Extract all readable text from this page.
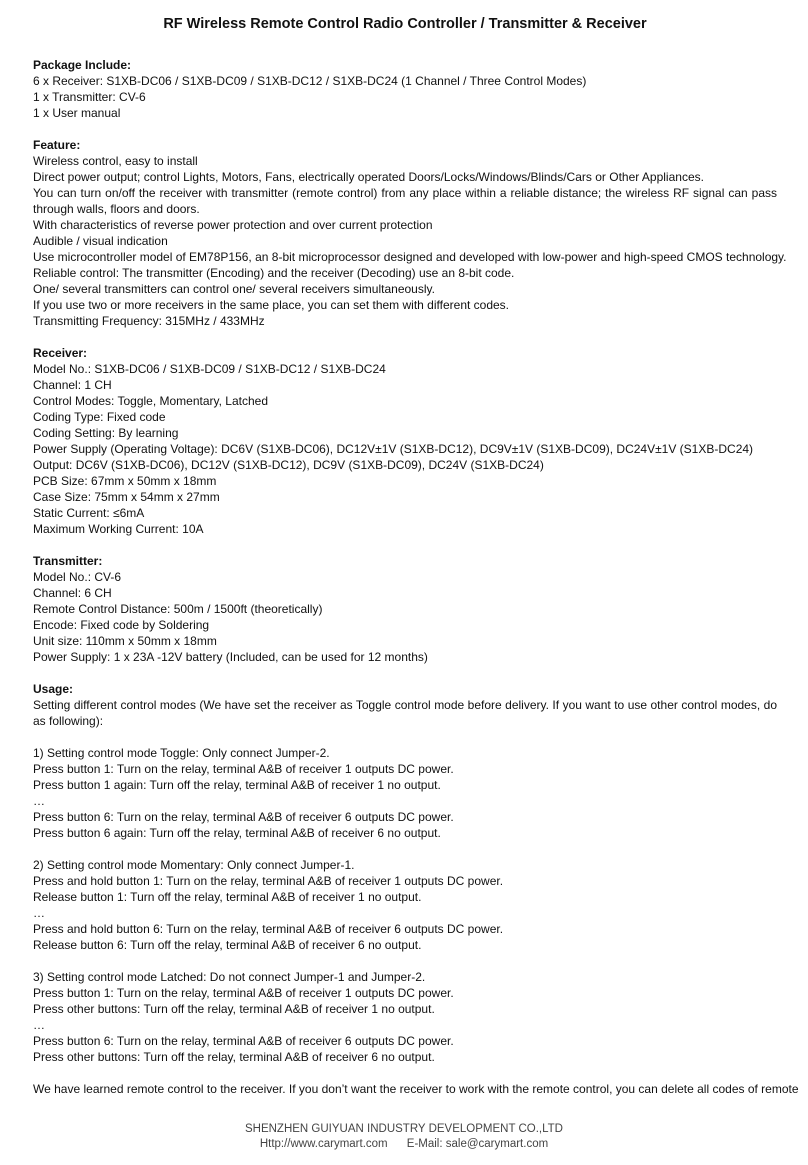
RF Wireless Remote Control Radio Controller / Transmitter & Receiver
Package Include:
6 x Receiver: S1XB-DC06 / S1XB-DC09 / S1XB-DC12 / S1XB-DC24 (1 Channel / Three Control Modes)
1 x Transmitter: CV-6
1 x User manual
Feature:
Wireless control, easy to install
Direct power output; control Lights, Motors, Fans, electrically operated Doors/Locks/Windows/Blinds/Cars or Other Appliances.
You can turn on/off the receiver with transmitter (remote control) from any place within a reliable distance; the wireless RF signal can pass through walls, floors and doors.
With characteristics of reverse power protection and over current protection
Audible / visual indication
Use microcontroller model of EM78P156, an 8-bit microprocessor designed and developed with low-power and high-speed CMOS technology.
Reliable control: The transmitter (Encoding) and the receiver (Decoding) use an 8-bit code.
One/ several transmitters can control one/ several receivers simultaneously.
If you use two or more receivers in the same place, you can set them with different codes.
Transmitting Frequency: 315MHz / 433MHz
Receiver:
Model No.: S1XB-DC06 / S1XB-DC09 / S1XB-DC12 / S1XB-DC24
Channel: 1 CH
Control Modes: Toggle, Momentary, Latched
Coding Type: Fixed code
Coding Setting: By learning
Power Supply (Operating Voltage): DC6V (S1XB-DC06), DC12V±1V (S1XB-DC12), DC9V±1V (S1XB-DC09), DC24V±1V (S1XB-DC24)
Output: DC6V (S1XB-DC06), DC12V (S1XB-DC12), DC9V (S1XB-DC09), DC24V (S1XB-DC24)
PCB Size: 67mm x 50mm x 18mm
Case Size: 75mm x 54mm x 27mm
Static Current: ≤6mA
Maximum Working Current: 10A
Transmitter:
Model No.: CV-6
Channel: 6 CH
Remote Control Distance: 500m / 1500ft (theoretically)
Encode: Fixed code by Soldering
Unit size: 110mm x 50mm x 18mm
Power Supply: 1 x 23A -12V battery (Included, can be used for 12 months)
Usage:
Setting different control modes (We have set the receiver as Toggle control mode before delivery. If you want to use other control modes, do as following):
1) Setting control mode Toggle: Only connect Jumper-2.
Press button 1: Turn on the relay, terminal A&B of receiver 1 outputs DC power.
Press button 1 again: Turn off the relay, terminal A&B of receiver 1 no output.
…
Press button 6: Turn on the relay, terminal A&B of receiver 6 outputs DC power.
Press button 6 again: Turn off the relay, terminal A&B of receiver 6 no output.
2) Setting control mode Momentary: Only connect Jumper-1.
Press and hold button 1: Turn on the relay, terminal A&B of receiver 1 outputs DC power.
Release button 1: Turn off the relay, terminal A&B of receiver 1 no output.
…
Press and hold button 6: Turn on the relay, terminal A&B of receiver 6 outputs DC power.
Release button 6: Turn off the relay, terminal A&B of receiver 6 no output.
3) Setting control mode Latched: Do not connect Jumper-1 and Jumper-2.
Press button 1: Turn on the relay, terminal A&B of receiver 1 outputs DC power.
Press other buttons: Turn off the relay, terminal A&B of receiver 1 no output.
…
Press button 6: Turn on the relay, terminal A&B of receiver 6 outputs DC power.
Press other buttons: Turn off the relay, terminal A&B of receiver 6 no output.
We have learned remote control to the receiver. If you don’t want the receiver to work with the remote control, you can delete all codes of remote
SHENZHEN GUIYUAN INDUSTRY DEVELOPMENT CO.,LTD
Http://www.carymart.com      E-Mail: sale@carymart.com
